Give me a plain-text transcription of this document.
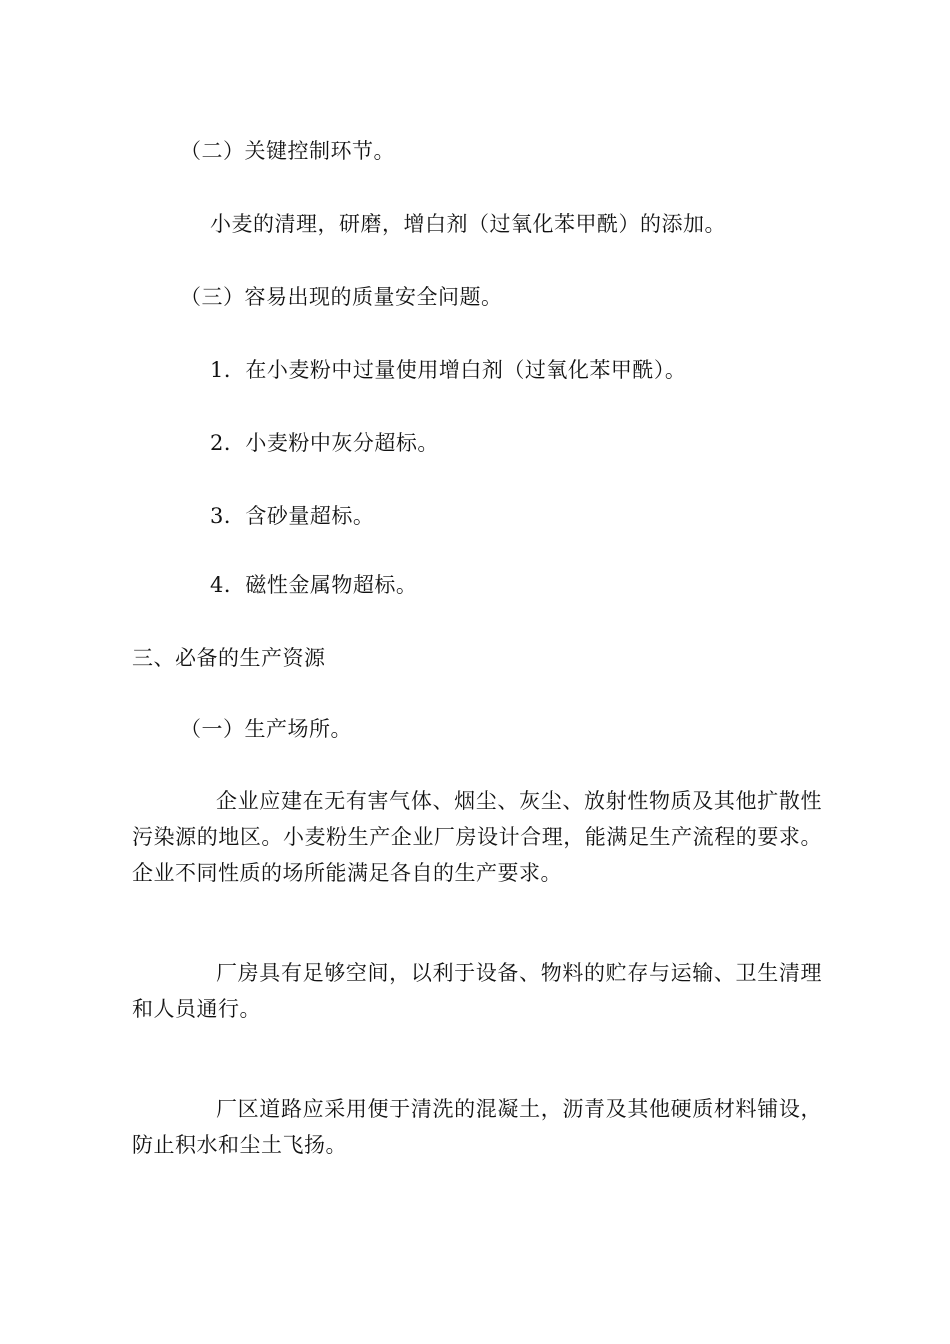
（二）关键控制环节。
小麦的清理，研磨，增白剂（过氧化苯甲酰）的添加。
（三）容易出现的质量安全问题。
1．在小麦粉中过量使用增白剂（过氧化苯甲酰）。
2．小麦粉中灰分超标。
3．含砂量超标。
4．磁性金属物超标。
三、必备的生产资源
（一）生产场所。
企业应建在无有害气体、烟尘、灰尘、放射性物质及其他扩散性污染源的地区。小麦粉生产企业厂房设计合理，能满足生产流程的要求。企业不同性质的场所能满足各自的生产要求。
厂房具有足够空间，以利于设备、物料的贮存与运输、卫生清理和人员通行。
厂区道路应采用便于清洗的混凝土，沥青及其他硬质材料铺设，防止积水和尘土飞扬。
